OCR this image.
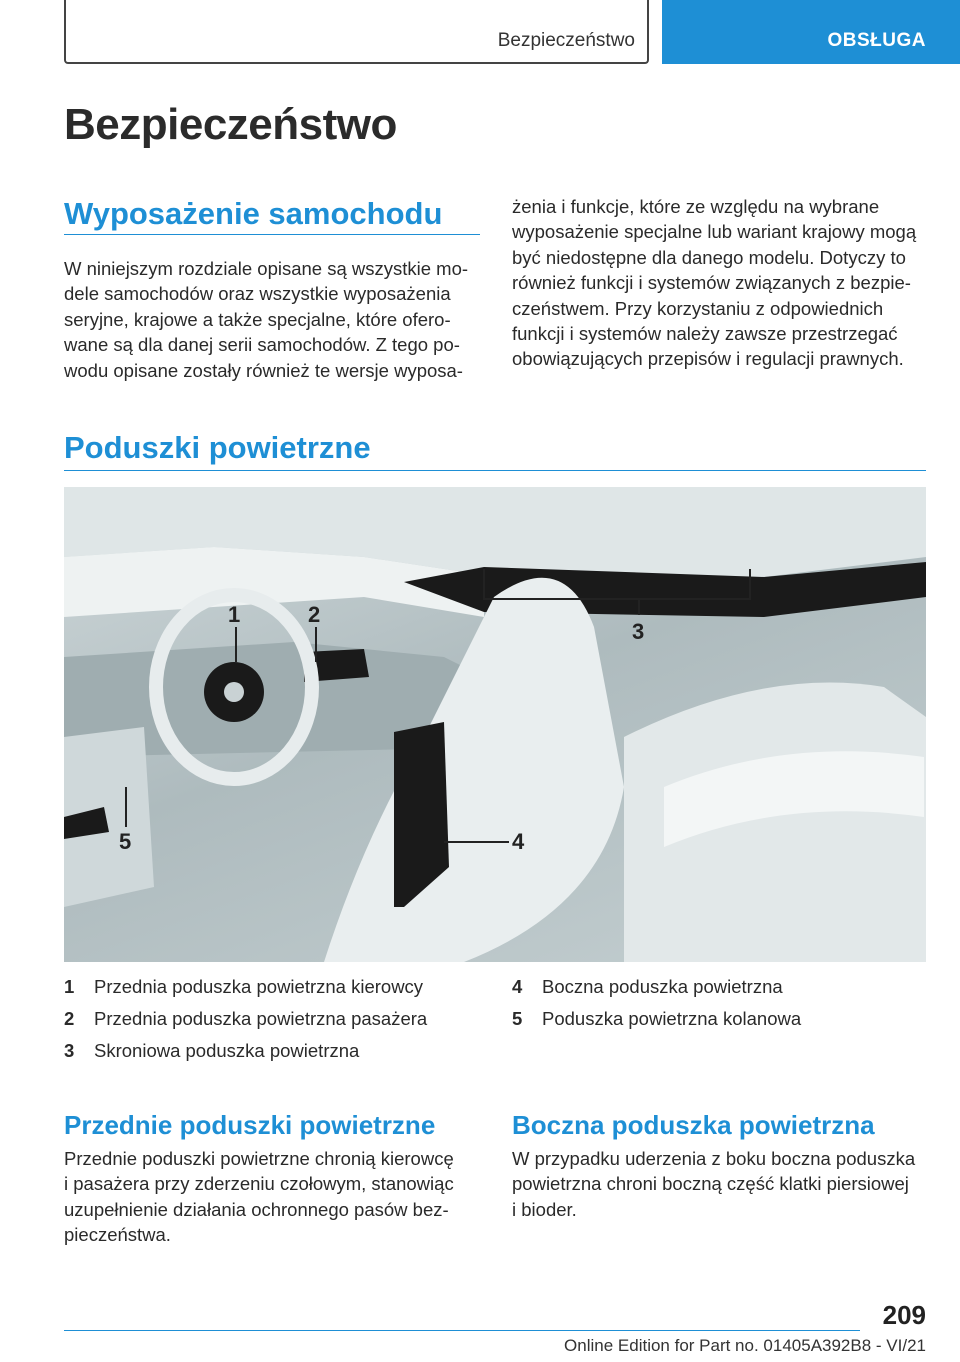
Bezpieczeństwo	OBSŁUGA
Bezpieczeństwo
Wyposażenie samochodu

W niniejszym rozdziale opisane są wszystkie mo‐

dele samochodów oraz wszystkie wyposażenia

seryjne, krajowe a także specjalne, które ofero‐

wane są dla danej serii samochodów. Z tego po‐

wodu opisane zostały również te wersje wyposa‐

żenia i funkcje, które ze względu na wybrane

wyposażenie specjalne lub wariant krajowy mogą

być niedostępne dla danego modelu. Dotyczy to

również funkcji i systemów związanych z bezpie‐

czeństwem. Przy korzystaniu z odpowiednich

funkcji i systemów należy zawsze przestrzegać

obowiązujących przepisów i regulacji prawnych.

Poduszki powietrzne
1	2
3
4
5
1 Przednia poduszka powietrzna kierowcy
2 Przednia poduszka powietrzna pasażera
3 Skroniowa poduszka powietrzna
4 Boczna poduszka powietrzna
5 Poduszka powietrzna kolanowa
Przednie poduszki powietrzne

Przednie poduszki powietrzne chronią kierowcę

i pasażera przy zderzeniu czołowym, stanowiąc

uzupełnienie działania ochronnego pasów bez‐

pieczeństwa.

Boczna poduszka powietrzna

W przypadku uderzenia z boku boczna poduszka

powietrzna chroni boczną część klatki piersiowej

i bioder.

209
Online Edition for Part no. 01405A392B8 - VI/21
